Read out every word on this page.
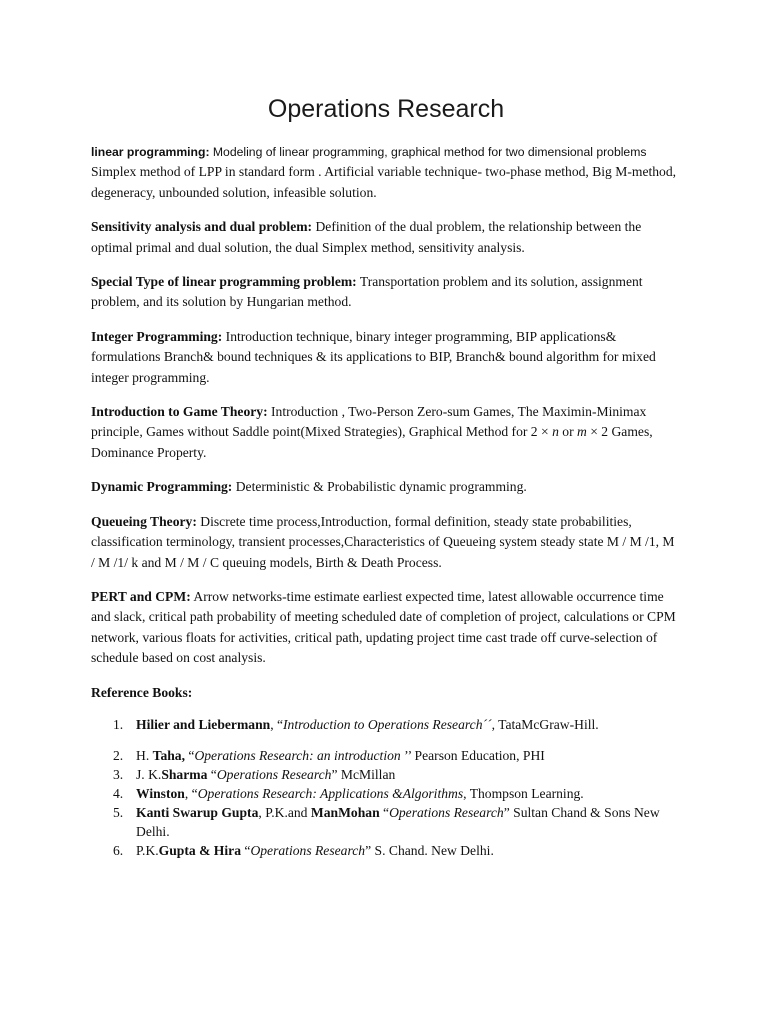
Operations Research

linear programming: Modeling of linear programming, graphical method for two dimensional problems
Simplex method of LPP in standard form . Artificial variable technique- two-phase method, Big M-method, degeneracy, unbounded solution, infeasible solution.

Sensitivity analysis and dual problem: Definition of the dual problem, the relationship between the optimal primal and dual solution, the dual Simplex method, sensitivity analysis.

Special Type of linear programming problem: Transportation problem and its solution, assignment problem, and its solution by Hungarian method.

Integer Programming: Introduction technique, binary integer programming, BIP applications& formulations Branch& bound techniques & its applications to BIP, Branch& bound algorithm for mixed integer programming.

Introduction to Game Theory: Introduction , Two-Person Zero-sum Games, The Maximin-Minimax principle, Games without Saddle point(Mixed Strategies), Graphical Method for 2 × n or m × 2 Games, Dominance Property.

Dynamic Programming: Deterministic & Probabilistic dynamic programming.

Queueing Theory: Discrete time process,Introduction, formal definition, steady state probabilities, classification terminology, transient processes,Characteristics of Queueing system steady state M / M /1, M / M /1/ k and M / M / C queuing models, Birth & Death Process.

PERT and CPM: Arrow networks-time estimate earliest expected time, latest allowable occurrence time and slack, critical path probability of meeting scheduled date of completion of project, calculations or CPM network, various floats for activities, critical path, updating project time cast trade off curve-selection of schedule based on cost analysis.

Reference Books:
1. Hilier and Liebermann, “Introduction to Operations Research´´, TataMcGraw-Hill.
2. H. Taha, “Operations Research: an introduction ’’ Pearson Education, PHI
3. J. K.Sharma “Operations Research” McMillan
4. Winston, “Operations Research: Applications &Algorithms, Thompson Learning.
5. Kanti Swarup Gupta, P.K.and ManMohan “Operations Research” Sultan Chand & Sons New Delhi.
6. P.K.Gupta & Hira “Operations Research” S. Chand. New Delhi.
